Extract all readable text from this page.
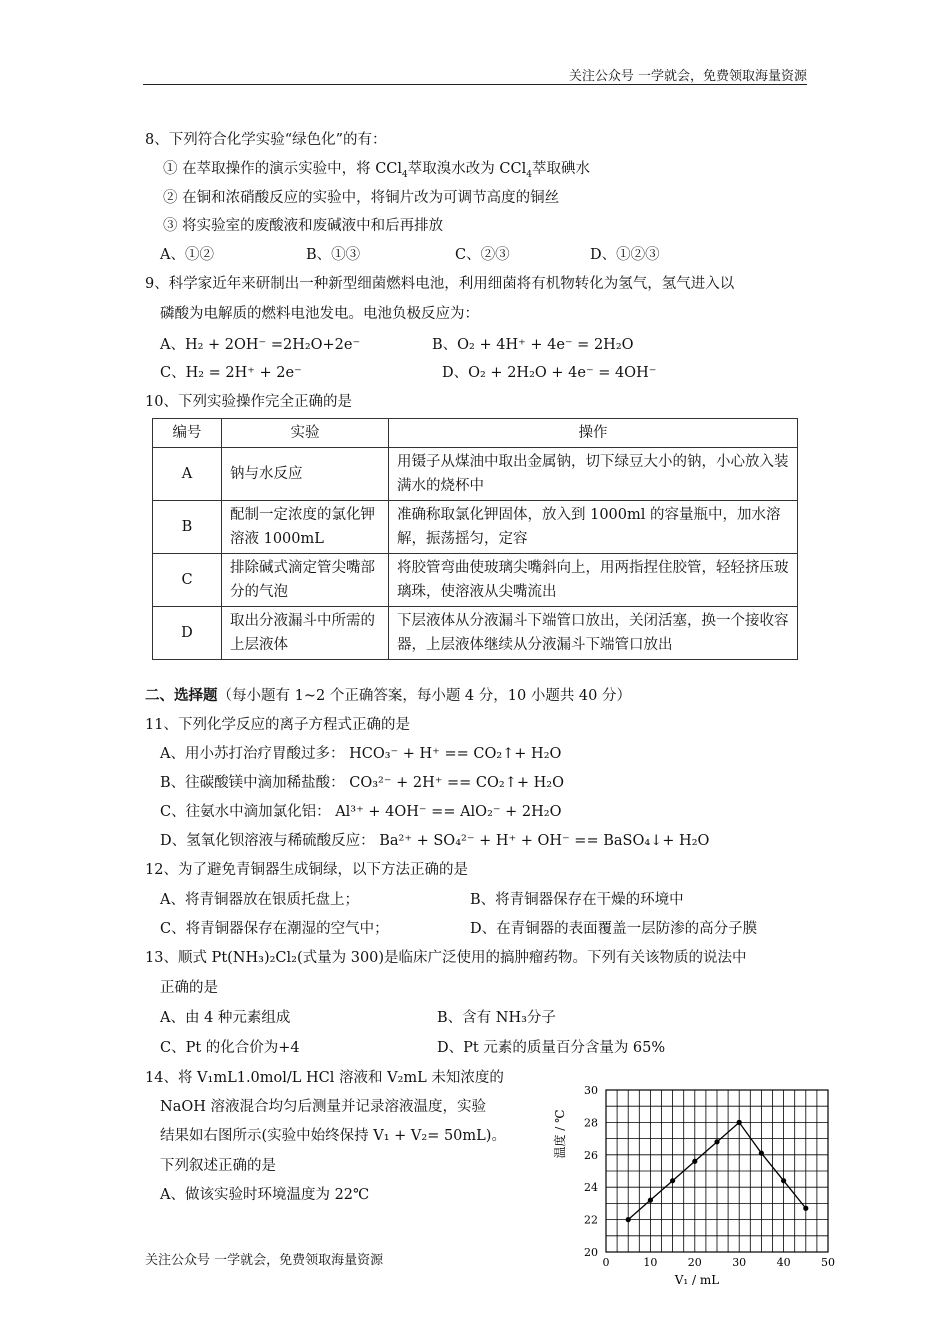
关注公众号 一学就会，免费领取海量资源
8、下列符合化学实验“绿色化”的有：
① 在萃取操作的演示实验中，将 CCl$_4$萃取溴水改为 CCl$_4$萃取碘水
② 在铜和浓硝酸反应的实验中，将铜片改为可调节高度的铜丝
③ 将实验室的废酸液和废碱液中和后再排放
A、①②	B、①③	C、②③	D、①②③
9、科学家近年来研制出一种新型细菌燃料电池，利用细菌将有机物转化为氢气，氢气进入以
磷酸为电解质的燃料电池发电。电池负极反应为：
A、H₂ + 2OH⁻ =2H₂O+2e⁻	B、O₂ + 4H⁺ + 4e⁻ = 2H₂O
C、H₂ = 2H⁺ + 2e⁻	D、O₂ + 2H₂O + 4e⁻ = 4OH⁻
10、下列实验操作完全正确的是
编号	实验	操作
A	钠与水反应	用镊子从煤油中取出金属钠，切下绿豆大小的钠，小心放入装满水的烧杯中
B	配制一定浓度的氯化钾溶液 1000mL	准确称取氯化钾固体，放入到 1000ml 的容量瓶中，加水溶解，振荡摇匀，定容
C	排除碱式滴定管尖嘴部分的气泡	将胶管弯曲使玻璃尖嘴斜向上，用两指捏住胶管，轻轻挤压玻璃珠，使溶液从尖嘴流出
D	取出分液漏斗中所需的上层液体	下层液体从分液漏斗下端管口放出，关闭活塞，换一个接收容器，上层液体继续从分液漏斗下端管口放出
二、选择题（每小题有 1~2 个正确答案，每小题 4 分，10 小题共 40 分）
11、下列化学反应的离子方程式正确的是
A、用小苏打治疗胃酸过多： HCO₃⁻ + H⁺ == CO₂↑+ H₂O
B、往碳酸镁中滴加稀盐酸： CO₃²⁻ + 2H⁺ == CO₂↑+ H₂O
C、往氨水中滴加氯化铝： Al³⁺ + 4OH⁻ == AlO₂⁻ + 2H₂O
D、氢氧化钡溶液与稀硫酸反应： Ba²⁺ + SO₄²⁻ + H⁺ + OH⁻ == BaSO₄↓+ H₂O
12、为了避免青铜器生成铜绿，以下方法正确的是
A、将青铜器放在银质托盘上；	B、将青铜器保存在干燥的环境中
C、将青铜器保存在潮湿的空气中；	D、在青铜器的表面覆盖一层防渗的高分子膜
13、顺式 Pt(NH₃)₂Cl₂(式量为 300)是临床广泛使用的搞肿瘤药物。下列有关该物质的说法中
正确的是
A、由 4 种元素组成	B、含有 NH₃分子
C、Pt 的化合价为+4	D、Pt 元素的质量百分含量为 65%
14、将 V₁mL1.0mol/L HCl 溶液和 V₂mL 未知浓度的
NaOH 溶液混合均匀后测量并记录溶液温度，实验
结果如右图所示(实验中始终保持 V₁ + V₂= 50mL)。
下列叙述正确的是
A、做该实验时环境温度为 22℃
0	10	20	30	40	50
20
22
24
26
28
30
温度 / ℃
V₁ / mL
关注公众号 一学就会，免费领取海量资源
